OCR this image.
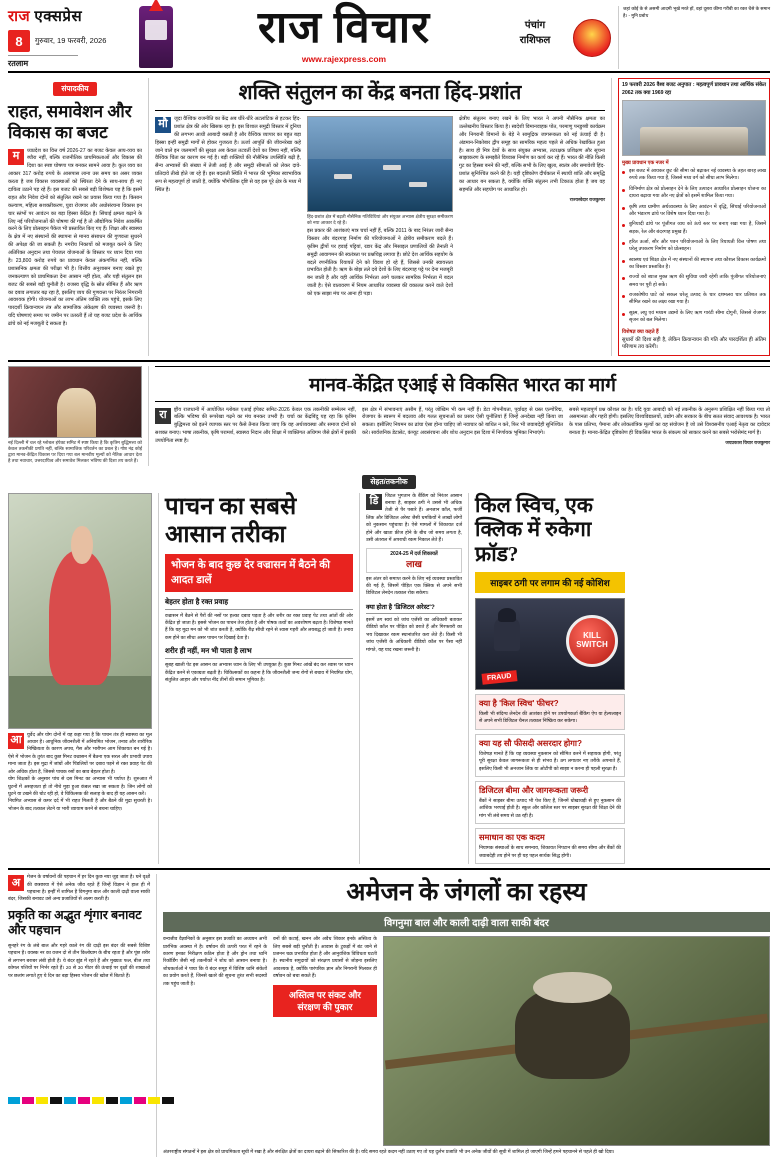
राज एक्सप्रेस
8	गुरुवार, 19 फरवरी, 2026
रतलाम
राज विचार
www.rajexpress.com
पंचांग
राशिफल
जहां कोई के से असमी आदमी भूखे मरते हों, वहां दूसरा कीमा गरीबी का रक्त चैसे के समान है। - मुनि प्रबोध
संपादकीय
राहत, समावेशन और विकास का बजट
म	ध्यप्रदेश का वित्त वर्ष 2026-27 का बजट केवल आय-व्यय का ब्यौरा नहीं, बल्कि राजनीतिक प्राथमिकताओं और विकास की दिशा का स्पष्ट घोषणा पत्र बनकर सामने आया है। कुल व्यय का आकार 317 करोड़ रुपये के आसपास लाना उस समय का असर व्यक्त करता है जब विकास व्यवस्थाओं को स्थिरता देने के साथ-साथ ही नए दायित्व उठाने पड़ रहे हैं। इस बजट की सबसे बड़ी विशेषता यह है कि इसमें राहत और निवेश दोनों को संतुलित रखने का प्रयास किया गया है। किसान कल्याण, महिला सशक्तीकरण, युवा रोजगार और अधोसंरचना विकास इन चार स्तंभों पर आवंटन का बड़ा हिस्सा केंद्रित है। सिंचाई क्षमता बढ़ाने के लिए नई परियोजनाओं की घोषणा की गई है तो औद्योगिक निवेश आकर्षित करने के लिए प्रोत्साहन पैकेज भी प्रस्तावित किए गए हैं। शिक्षा और स्वास्थ्य के क्षेत्र में नए संस्थानों की स्थापना से मानव संसाधन की गुणवत्ता सुधरने की अपेक्षा की जा सकती है। नगरीय निकायों को मजबूत करने के लिए अतिरिक्त अनुदान तथा पेयजल योजनाओं के विस्तार पर ध्यान दिया गया है। 23,800 करोड़ रुपये का प्रावधान केवल अंकगणित नहीं, बल्कि प्रशासनिक क्षमता की परीक्षा भी है। वित्तीय अनुशासन बनाए रखते हुए जनकल्याण को प्राथमिकता देना आसान नहीं होता, और यही संतुलन इस बजट की सबसे बड़ी चुनौती है। राजस्व वृद्धि के स्रोत सीमित हैं और ऋण का दबाव लगातार बढ़ रहा है, इसलिए व्यय की गुणवत्ता पर निरंतर निगरानी आवश्यक होगी। योजनाओं का लाभ अंतिम व्यक्ति तक पहुंचे, इसके लिए पारदर्शी क्रियान्वयन तंत्र और सामाजिक अंकेक्षण की व्यवस्था जरूरी है। यदि घोषणाएं समय पर जमीन पर उतरती हैं तो यह बजट प्रदेश के आर्थिक ढांचे को नई मजबूती दे सकता है।
शक्ति संतुलन का केंद्र बनता हिंद-प्रशांत
मौ	जूदा वैश्विक राजनीति का केंद्र अब धीरे-धीरे अटलांटिक से हटकर हिंद-प्रशांत क्षेत्र की ओर खिसक रहा है। इस विशाल समुद्री विस्तार में दुनिया की लगभग आधी आबादी बसती है और वैश्विक व्यापार का बहुत बड़ा हिस्सा इन्हीं समुद्री मार्गों से होकर गुजरता है। ऊर्जा आपूर्ति की जीवनरेखा कहे जाने वाले इन जलमार्गों की सुरक्षा अब केवल तटवर्ती देशों का विषय नहीं, बल्कि वैश्विक चिंता का कारण बन गई है। बड़ी शक्तियों की नौसैनिक उपस्थिति बढ़ी है, सैन्य अभ्यासों की संख्या में तेजी आई है और समुद्री सीमाओं को लेकर दावे-प्रतिदावे तीखे होते जा रहे हैं। इस बदलती स्थिति में भारत की भूमिका स्वाभाविक रूप से महत्वपूर्ण हो जाती है, क्योंकि भौगोलिक दृष्टि से वह इस पूरे क्षेत्र के मध्य में स्थित है।
हिंद-प्रशांत क्षेत्र में बढ़ती नौसैनिक गतिविधियां और संयुक्त अभ्यास क्षेत्रीय सुरक्षा समीकरण को नया आकार दे रहे हैं।
इस प्रकार की आशंकाएं मात्र चर्चा नहीं हैं, बल्कि 2011 के बाद निरंतर जारी सैन्य विस्तार और बंदरगाह निर्माण की परियोजनाओं ने क्षेत्रीय समीकरण बदले हैं। कृत्रिम द्वीपों पर हवाई पट्टियां, रडार केंद्र और मिसाइल प्रणालियों की तैनाती ने समुद्री आवागमन की स्वतंत्रता पर प्रश्नचिह्न लगाया है। छोटे देश आर्थिक सहयोग के बदले रणनीतिक रियायतें देने को विवश हो रहे हैं, जिससे उनकी स्वायत्तता प्रभावित होती है। ऋण के बोझ तले दबे देशों के लिए बंदरगाह पट्टे पर देना मजबूरी बन जाती है और यही आर्थिक निर्भरता आगे चलकर सामरिक निर्भरता में बदल जाती है। ऐसे वातावरण में नियम आधारित व्यवस्था की वकालत करने वाले देशों को एक साझा मंच पर आना ही पड़ा।
क्षेत्रीय संतुलन बनाए रखने के लिए भारत ने अपनी नौसैनिक क्षमता का उल्लेखनीय विस्तार किया है। स्वदेशी विमानवाहक पोत, परमाणु पनडुब्बी कार्यक्रम और निगरानी विमानों के बेड़े ने सामुद्रिक जागरूकता को नई ऊंचाई दी है। अंडमान-निकोबार द्वीप समूह का सामरिक महत्व पहले से अधिक रेखांकित हुआ है। साथ ही मित्र देशों के साथ संयुक्त अभ्यास, तटरक्षक प्रशिक्षण और सूचना साझाकरण के समझौते विश्वास निर्माण का कार्य कर रहे हैं। भारत की नीति किसी गुट का हिस्सा बनने की नहीं, बल्कि सभी के लिए खुला, स्वतंत्र और समावेशी हिंद-प्रशांत सुनिश्चित करने की है। यही दृष्टिकोण दीर्घकाल में स्थायी शांति और समृद्धि का आधार बन सकता है, क्योंकि शक्ति संतुलन तभी टिकाऊ होता है जब वह सहमति और सहयोग पर आधारित हो।
राज्यस्वेदार राजकुमार
19 फरवरी 2026 वैश्व बजट अनुपात : महत्वपूर्ण प्रावधान तथा आर्थिक संकेत 2062 तक क्या 1969 रहा
मुख्य प्रावधान एक नजर में
इस बजट में आयकर छूट की सीमा को बढ़ाकर नई व्यवस्था के तहत बारह लाख रुपये तक किया गया है, जिससे मध्य वर्ग को सीधा लाभ मिलेगा।
विनिर्माण क्षेत्र को प्रोत्साहन देने के लिए उत्पादन आधारित प्रोत्साहन योजना का दायरा बढ़ाया गया और नए क्षेत्रों को इसमें शामिल किया गया।
कृषि तथा ग्रामीण अर्थव्यवस्था के लिए आवंटन में वृद्धि, सिंचाई परियोजनाओं और भंडारण ढांचे पर विशेष ध्यान दिया गया है।
बुनियादी ढांचे पर पूंजीगत व्यय को ऊंचे स्तर पर बनाए रखा गया है, जिसमें सड़क, रेल और बंदरगाह प्रमुख हैं।
हरित ऊर्जा, सौर और पवन परियोजनाओं के लिए रियायती वित्त पोषण तथा घरेलू उपकरण निर्माण को प्रोत्साहन।
स्वास्थ्य एवं शिक्षा क्षेत्र में नए संस्थानों की स्थापना तथा कौशल विकास कार्यक्रमों का विस्तार प्रस्तावित है।
राज्यों को ब्याज मुक्त ऋण की सुविधा जारी रहेगी ताकि पूंजीगत परियोजनाएं समय पर पूरी हो सकें।
राजकोषीय घाटे को सकल घरेलू उत्पाद के चार दशमलव चार प्रतिशत तक सीमित रखने का लक्ष्य रखा गया है।
सूक्ष्म, लघु एवं मध्यम उद्यमों के लिए ऋण गारंटी सीमा दोगुनी, जिससे रोजगार सृजन को बल मिलेगा।
विशेषज्ञ क्या कहते हैं
सुधारों की दिशा सही है, लेकिन क्रियान्वयन की गति और पारदर्शिता ही अंतिम परिणाम तय करेगी।
नई दिल्ली में चल रहे ग्लोबल इंपेक्ट समिट में स्पष्ट किया है कि कृत्रिम बुद्धिमत्ता को केवल तकनीकी प्रगति नहीं, बल्कि सामाजिक परिवर्तन का प्रबल है। गोष्ठ नंद्र कोई द्वारा मानव-केंद्रित विकास पर दिया गया बल मानवीय मूल्यों को नैतिक आधार देता है तथा नवाचार, उत्तरदायित्व और समावेश मिलकर भविष्य की दिशा तय करते हैं।
मानव-केंद्रित एआई से विकसित भारत का मार्ग
रा	ष्ट्रीय राजधानी में आयोजित ग्लोबल एआई इंपेक्ट समिट-2026 केवल एक तकनीकी सम्मेलन नहीं, बल्कि भविष्य की रूपरेखा गढ़ने का मंच बनकर उभरी है। चर्चा का केंद्रबिंदु यह रहा कि कृत्रिम बुद्धिमत्ता को इतने व्यापक स्तर पर कैसे तैनात किया जाए कि वह अर्थव्यवस्था और समाज दोनों को सशक्त बनाए। भाषा तकनीक, कृषि परामर्श, स्वास्थ्य निदान और शिक्षा में व्यक्तिगत अधिगम जैसे क्षेत्रों में इसकी उपयोगिता स्पष्ट है।
इस क्षेत्र में संभावनाएं असीम हैं, परंतु जोखिम भी कम नहीं हैं। डेटा गोपनीयता, पूर्वाग्रह से ग्रस्त एल्गोरिद्म, रोजगार के स्वरूप में बदलाव और गलत सूचनाओं का प्रसार ऐसी चुनौतियां हैं जिन्हें अनदेखा नहीं किया जा सकता। इसीलिए नियमन का ढांचा ऐसा होना चाहिए जो नवाचार को बाधित न करे, फिर भी जवाबदेही सुनिश्चित करे। सार्वजनिक डेटासेट, कंप्यूट अवसंरचना और शोध अनुदान इस दिशा में निर्णायक भूमिका निभाएंगे।
सबसे महत्वपूर्ण प्रश्न कौशल का है। यदि युवा आबादी को नई तकनीक के अनुरूप प्रशिक्षित नहीं किया गया तो असमानता और गहरी होगी। इसलिए विश्वविद्यालयों, उद्योग और सरकार के बीच सतत संवाद आवश्यक है। भारत के पास प्रतिभा, पैमाना और लोकतांत्रिक मूल्यों का वह संयोजन है जो उसे विश्वसनीय एआई नेतृत्व का दावेदार बनाता है। मानव-केंद्रित दृष्टिकोण ही विकसित भारत के संकल्प को साकार करने का सबसे भरोसेमंद मार्ग है।
जयप्रकाश विचार राजकुमार
सेहत/तकनीक
आ	युर्वेद और योग दोनों में यह कहा गया है कि पाचन तंत्र ही स्वास्थ्य का मूल आधार है। आधुनिक जीवनशैली में अनियमित भोजन, तनाव और शारीरिक निष्क्रियता के कारण अपच, गैस और भारीपन आम शिकायत बन गई है। ऐसे में भोजन के तुरंत बाद कुछ मिनट वज्रासन में बैठना एक सरल और प्रभावी उपाय माना जाता है। इस मुद्रा में जांघों और पिंडलियों पर दबाव पड़ने से रक्त प्रवाह पेट की ओर अधिक होता है, जिससे पाचक रसों का स्राव बेहतर होता है।
योग शिक्षकों के अनुसार पांच से दस मिनट का अभ्यास भी पर्याप्त है। शुरुआत में घुटनों में असहजता हो तो नीचे मुड़ा हुआ कंबल रखा जा सकता है। जिन लोगों को घुटने या टखने की चोट रही हो, वे चिकित्सक की सलाह के बाद ही यह आसन करें।
नियमित अभ्यास से कमर दर्द में भी राहत मिलती है और बैठने की मुद्रा सुधरती है। भोजन के बाद तत्काल लेटने या भारी व्यायाम करने से बचना चाहिए।
पाचन का सबसे आसान तरीका
भोजन के बाद कुछ देर वज्रासन में बैठने की आदत डालें
बेहतर होता है रक्त प्रवाह
वज्रासन में बैठने से पैरों की नसों पर हल्का दबाव पड़ता है और शरीर का रक्त प्रवाह पेट तथा आंतों की ओर केंद्रित हो जाता है। इससे भोजन का पाचन तेज होता है और पोषक तत्वों का अवशोषण बढ़ता है। विशेषज्ञ मानते हैं कि यह मुद्रा मन को भी शांत करती है, क्योंकि रीढ़ सीधी रहने से श्वास गहरी और लयबद्ध हो जाती है। तनाव कम होने का सीधा असर पाचन पर दिखाई देता है।
शरीर ही नहीं, मन भी पाता है लाभ
सुबह खाली पेट इस आसन का अभ्यास ध्यान के लिए भी उपयुक्त है। कुछ मिनट आंखें बंद कर श्वास पर ध्यान केंद्रित करने से एकाग्रता बढ़ती है। चिकित्सकों का कहना है कि जीवनशैली जन्य रोगों से बचाव में नियमित योग, संतुलित आहार और पर्याप्त नींद तीनों की समान भूमिका है।
डि	जिटल भुगतान के बैंकिंग को निरंतर आसान बनाया है, साइबर ठगी ने उससे भी अधिक तेजी से पैर पसारे हैं। अनजान कॉल, फर्जी लिंक और डिजिटल अरेस्ट जैसी धमकियों ने लाखों लोगों को नुकसान पहुंचाया है। ऐसे मामलों में शिकायत दर्ज होने और खाता फ्रीज होने के बीच जो समय लगता है, उसी अंतराल में अपराधी रकम निकाल लेते हैं।
2024-25 में दर्ज शिकायतें
लाख
इस अंतर को समाप्त करने के लिए नई व्यवस्था प्रस्तावित की गई है, जिसमें पीड़ित एक क्लिक से अपने सभी डिजिटल लेनदेन तत्काल रोक सकेगा।
क्या होता है 'डिजिटल अरेस्ट'?
इसमें ठग स्वयं को जांच एजेंसी का अधिकारी बताकर वीडियो कॉल पर पीड़ित को डराते हैं और गिरफ्तारी का भय दिखाकर रकम स्थानांतरित करा लेते हैं। किसी भी जांच एजेंसी के अधिकारी वीडियो कॉल पर पैसा नहीं मांगते, यह याद रखना जरूरी है।
किल स्विच, एक क्लिक में रुकेगा फ्रॉड?
साइबर ठगी पर लगाम की नई कोशिश
KILL SWITCH
FRAUD
क्या है 'किल स्विच' फीचर?
किसी भी संदिग्ध लेनदेन की आशंका होने पर उपयोगकर्ता बैंकिंग ऐप या हेल्पलाइन से अपने सभी डिजिटल चैनल तत्काल निष्क्रिय कर सकेगा।
क्या यह सौ फीसदी असरदार होगा?
विशेषज्ञ मानते हैं कि यह व्यवस्था नुकसान को सीमित करने में सहायक होगी, परंतु पूरी सुरक्षा केवल जागरूकता से ही संभव है। ठग लगातार नए तरीके अपनाते हैं, इसलिए किसी भी अनजान लिंक या ओटीपी को साझा न करना ही पहली सुरक्षा है।
डिजिटल बीमा और जागरूकता जरूरी
बैंकों ने साइबर बीमा उत्पाद भी पेश किए हैं, जिनमें धोखाधड़ी से हुए नुकसान की आंशिक भरपाई होती है। स्कूल और कॉलेज स्तर पर साइबर सुरक्षा की शिक्षा देने की मांग भी लंबे समय से उठ रही है।
समाधान का एक कदम
नियामक संस्थाओं के साथ समन्वय, शिकायत निपटान की समय सीमा और बैंकों की जवाबदेही तय होने पर ही यह पहल सार्थक सिद्ध होगी।
अ	मेजन के वर्षावनों की पहचान में हर दिन कुछ नया जुड़ जाता है। घने वृक्षों की छत्रछाया में ऐसे अनेक जीव रहते हैं जिन्हें विज्ञान ने हाल ही में पहचाना है। इन्हीं में शामिल है विगनुमा बाल और काली दाढ़ी वाला साकी बंदर, जिसकी बनावट उसे अन्य प्रजातियों से अलग करती है।
प्रकृति का अद्भुत शृंगार बनावट और पहचान
सुनहरे रंग के लंबे बाल और गहरे काले रंग की दाढ़ी इस बंदर की सबसे विशिष्ट पहचान है। वयस्क नर का वजन दो से तीन किलोग्राम के बीच रहता है और पूंछ शरीर से लगभग बराबर लंबी होती है। ये बंदर झुंड में रहते हैं और मुख्यतः फल, बीज तथा कोमल पत्तियों पर निर्भर रहते हैं। 20 से 30 मीटर की ऊंचाई पर वृक्षों की शाखाओं पर छलांग लगाते हुए ये दिन का बड़ा हिस्सा भोजन की खोज में बिताते हैं।
अमेजन के जंगलों का रहस्य
विगनुमा बाल और काली दाढ़ी वाला साकी बंदर
वन्यजीव वैज्ञानिकों के अनुसार इस प्रजाति का अध्ययन अभी प्रारंभिक अवस्था में है। वर्षावन की ऊपरी परत में रहने के कारण इनका निरीक्षण कठिन होता है और ड्रोन तथा ध्वनि रिकॉर्डिंग जैसी नई तकनीकों ने शोध को आसान बनाया है। शोधकर्ताओं ने पाया कि ये बंदर समूह में विशिष्ट ध्वनि संकेतों का प्रयोग करते हैं, जिनसे खतरे की सूचना तुरंत सभी सदस्यों तक पहुंच जाती है।
वनों की कटाई, खनन और अवैध शिकार इनके अस्तित्व के लिए सबसे बड़ी चुनौती हैं। आवास के टुकड़ों में बंट जाने से प्रजनन चक्र प्रभावित होता है और आनुवंशिक विविधता घटती है। स्थानीय समुदायों को संरक्षण प्रयासों से जोड़ना इसलिए आवश्यक है, क्योंकि पारंपरिक ज्ञान और निगरानी मिलकर ही वर्षावन को बचा सकते हैं।
अस्तित्व पर संकट और संरक्षण की पुकार
अंतरराष्ट्रीय संगठनों ने इस क्षेत्र को प्राथमिकता सूची में रखा है और संरक्षित क्षेत्रों का दायरा बढ़ाने की सिफारिश की है। यदि समय रहते कदम नहीं उठाए गए तो यह दुर्लभ प्रजाति भी उन अनेक जीवों की सूची में शामिल हो जाएगी जिन्हें हमने पहचानने से पहले ही खो दिया।
